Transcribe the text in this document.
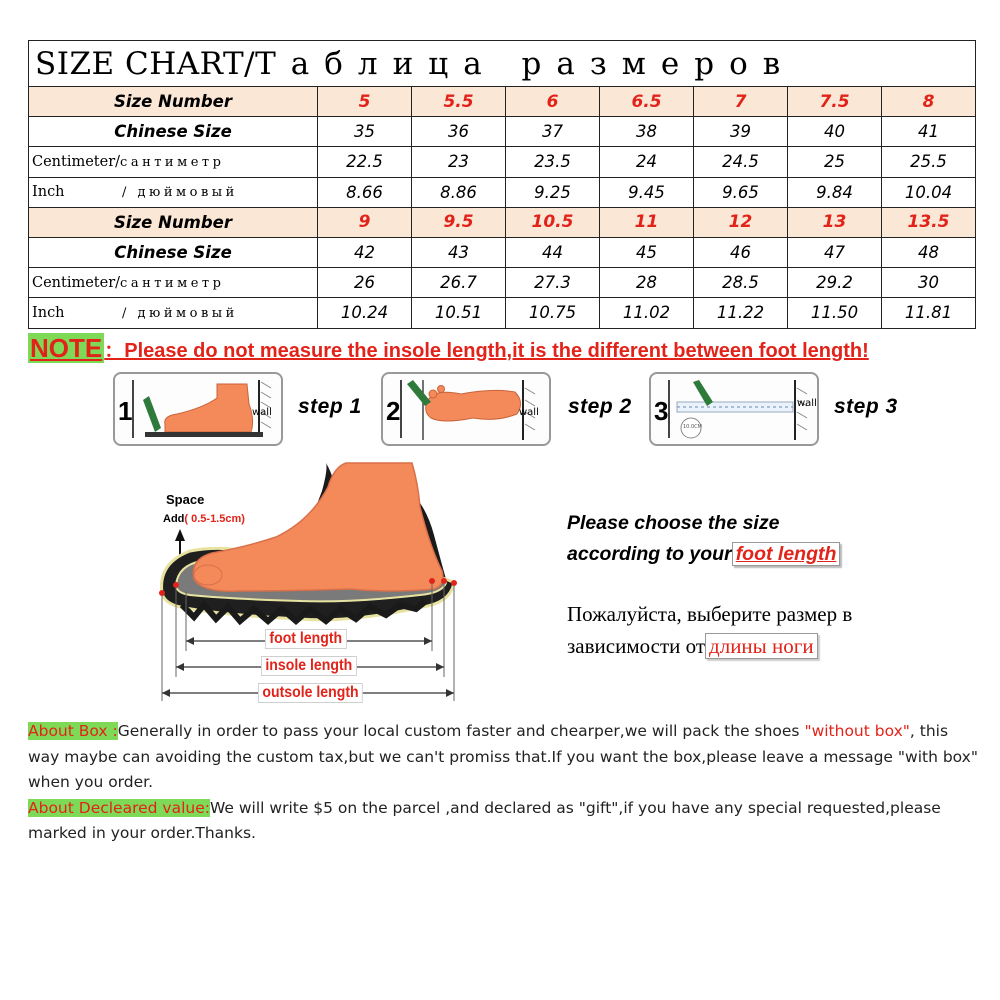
SIZE CHART/Таблица размеров							
Size Number	5	5.5	6	6.5	7	7.5	8
Chinese Size	35	36	37	38	39	40	41
Centimeter/сантиметр	22.5	23	23.5	24	24.5	25	25.5
Inch / дюймовый	8.66	8.86	9.25	9.45	9.65	9.84	10.04
Size Number	9	9.5	10.5	11	12	13	13.5
Chinese Size	42	43	44	45	46	47	48
Centimeter/сантиметр	26	26.7	27.3	28	28.5	29.2	30
Inch / дюймовый	10.24	10.51	10.75	11.02	11.22	11.50	11.81
NOTE ：Please do not measure the insole length,it is the different between foot length!
1	wall step 1 2	wall step 2 3	wall
10.0CM
step 3
Space
Add( 0.5-1.5cm)
foot length
insole length
outsole length
Please choose the size
according to your foot length
Пожалуйста, выберите размер в
зависимости от длины ноги

About Box :Generally in order to pass your local custom faster and chearper,we will pack the shoes "without box", this way maybe can avoiding the custom tax,but we can't promiss that.If you want the box,please leave a message "with box" when you order.

About Decleared value:We will write $5 on the parcel ,and declared as "gift",if you have any special requested,please marked in your order.Thanks.
